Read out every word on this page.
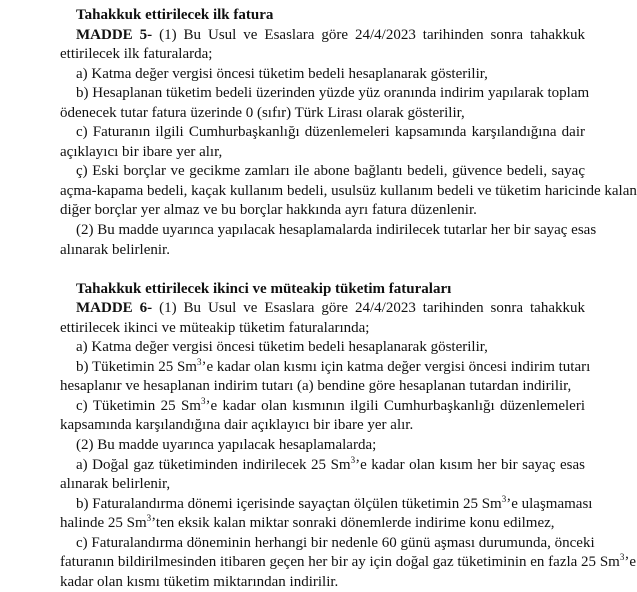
Tahakkuk ettirilecek ilk fatura
MADDE 5- (1) Bu Usul ve Esaslara göre 24/4/2023 tarihinden sonra tahakkuk
ettirilecek ilk faturalarda;
a) Katma değer vergisi öncesi tüketim bedeli hesaplanarak gösterilir,
b) Hesaplanan tüketim bedeli üzerinden yüzde yüz oranında indirim yapılarak toplam
ödenecek tutar fatura üzerinde 0 (sıfır) Türk Lirası olarak gösterilir,
c) Faturanın ilgili Cumhurbaşkanlığı düzenlemeleri kapsamında karşılandığına dair
açıklayıcı bir ibare yer alır,
ç) Eski borçlar ve gecikme zamları ile abone bağlantı bedeli, güvence bedeli, sayaç
açma-kapama bedeli, kaçak kullanım bedeli, usulsüz kullanım bedeli ve tüketim haricinde kalan
diğer borçlar yer almaz ve bu borçlar hakkında ayrı fatura düzenlenir.
(2) Bu madde uyarınca yapılacak hesaplamalarda indirilecek tutarlar her bir sayaç esas
alınarak belirlenir.
Tahakkuk ettirilecek ikinci ve müteakip tüketim faturaları
MADDE 6- (1) Bu Usul ve Esaslara göre 24/4/2023 tarihinden sonra tahakkuk
ettirilecek ikinci ve müteakip tüketim faturalarında;
a) Katma değer vergisi öncesi tüketim bedeli hesaplanarak gösterilir,
b) Tüketimin 25 Sm$^3$’e kadar olan kısmı için katma değer vergisi öncesi indirim tutarı
hesaplanır ve hesaplanan indirim tutarı (a) bendine göre hesaplanan tutardan indirilir,
c) Tüketimin 25 Sm$^3$’e kadar olan kısmının ilgili Cumhurbaşkanlığı düzenlemeleri
kapsamında karşılandığına dair açıklayıcı bir ibare yer alır.
(2) Bu madde uyarınca yapılacak hesaplamalarda;
a) Doğal gaz tüketiminden indirilecek 25 Sm$^3$’e kadar olan kısım her bir sayaç esas
alınarak belirlenir,
b) Faturalandırma dönemi içerisinde sayaçtan ölçülen tüketimin 25 Sm$^3$’e ulaşmaması
halinde 25 Sm$^3$’ten eksik kalan miktar sonraki dönemlerde indirime konu edilmez,
c) Faturalandırma döneminin herhangi bir nedenle 60 günü aşması durumunda, önceki
faturanın bildirilmesinden itibaren geçen her bir ay için doğal gaz tüketiminin en fazla 25 Sm$^3$’e
kadar olan kısmı tüketim miktarından indirilir.
